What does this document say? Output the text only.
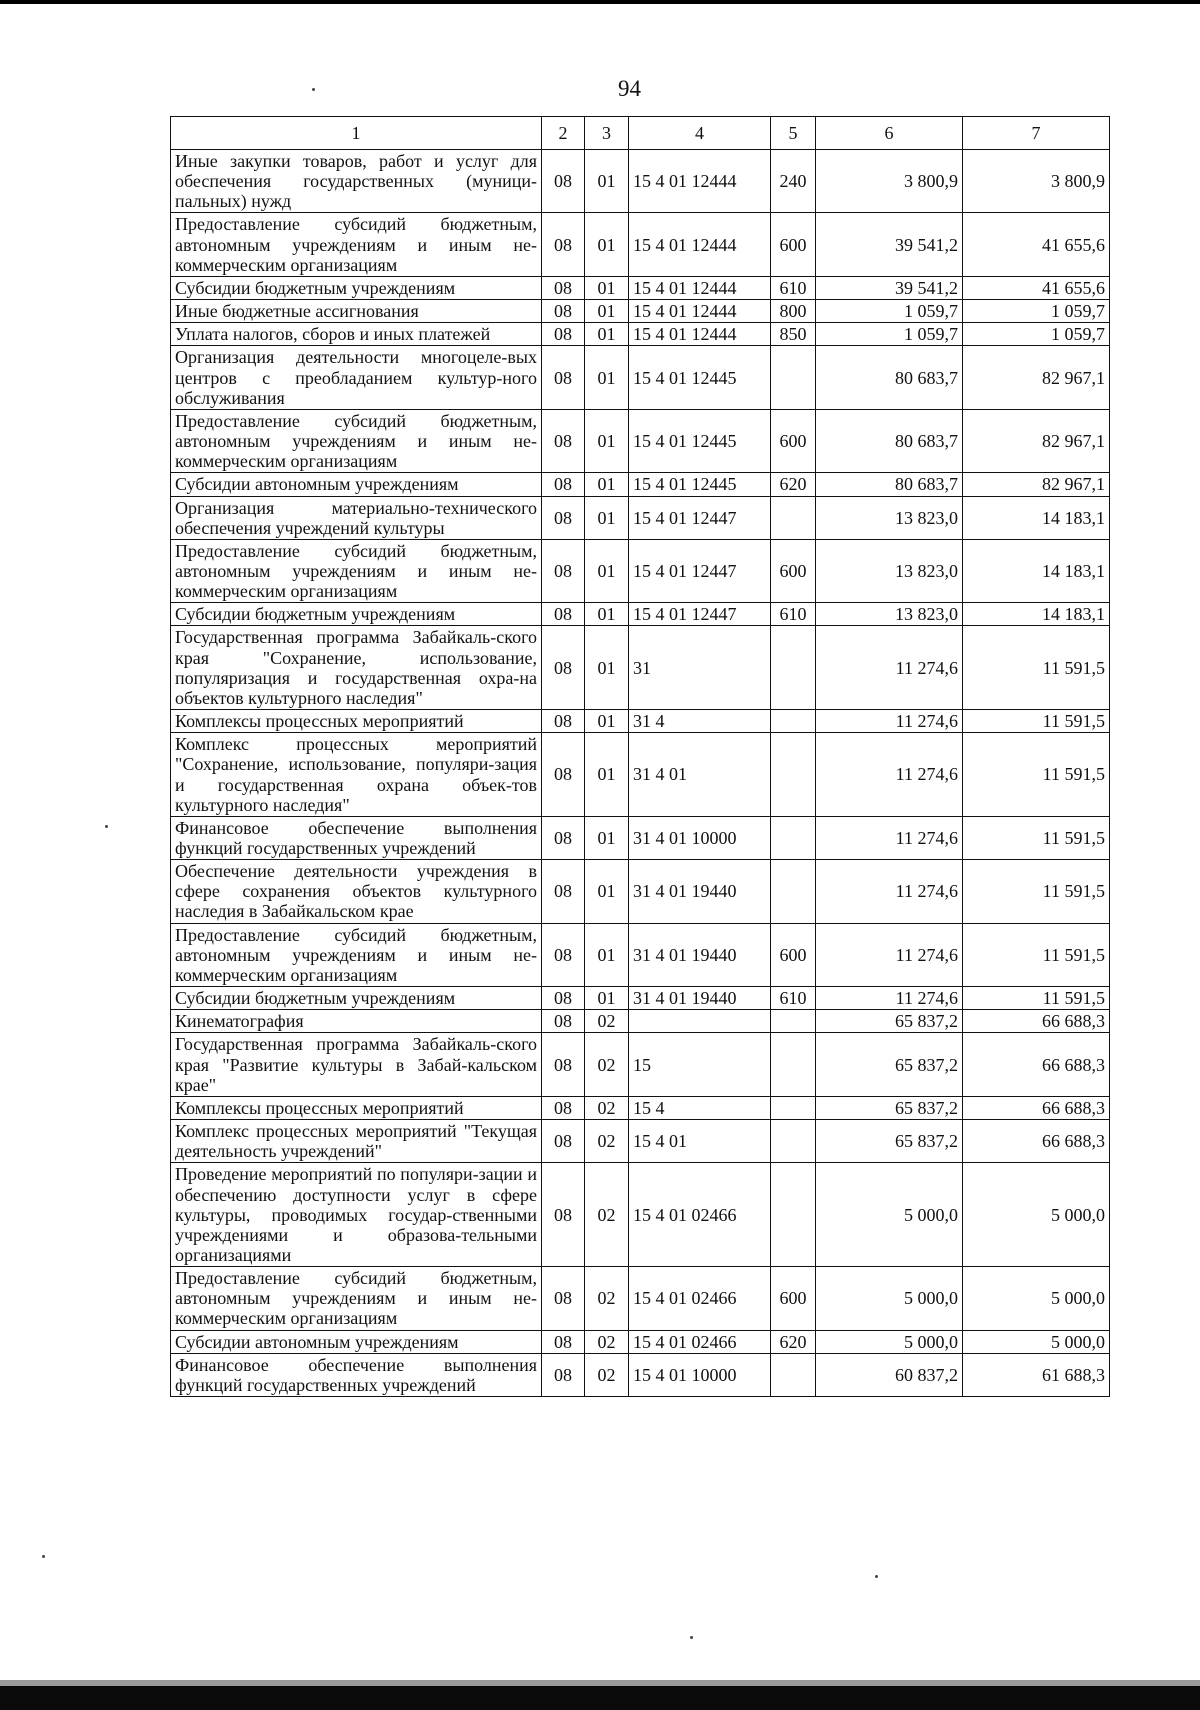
94
1	2	3	4	5	6	7
Иные закупки товаров, работ и услуг для обеспечения государственных (муници-пальных) нужд	08	01	15 4 01 12444	240	3 800,9	3 800,9
Предоставление субсидий бюджетным, автономным учреждениям и иным не-коммерческим организациям	08	01	15 4 01 12444	600	39 541,2	41 655,6
Субсидии бюджетным учреждениям	08	01	15 4 01 12444	610	39 541,2	41 655,6
Иные бюджетные ассигнования	08	01	15 4 01 12444	800	1 059,7	1 059,7
Уплата налогов, сборов и иных платежей	08	01	15 4 01 12444	850	1 059,7	1 059,7
Организация деятельности многоцеле-вых центров с преобладанием культур-ного обслуживания	08	01	15 4 01 12445		80 683,7	82 967,1
Предоставление субсидий бюджетным, автономным учреждениям и иным не-коммерческим организациям	08	01	15 4 01 12445	600	80 683,7	82 967,1
Субсидии автономным учреждениям	08	01	15 4 01 12445	620	80 683,7	82 967,1
Организация материально-технического обеспечения учреждений культуры	08	01	15 4 01 12447		13 823,0	14 183,1
Предоставление субсидий бюджетным, автономным учреждениям и иным не-коммерческим организациям	08	01	15 4 01 12447	600	13 823,0	14 183,1
Субсидии бюджетным учреждениям	08	01	15 4 01 12447	610	13 823,0	14 183,1
Государственная программа Забайкаль-ского края "Сохранение, использование, популяризация и государственная охра-на объектов культурного наследия"	08	01	31		11 274,6	11 591,5
Комплексы процессных мероприятий	08	01	31 4		11 274,6	11 591,5
Комплекс процессных мероприятий "Сохранение, использование, популяри-зация и государственная охрана объек-тов культурного наследия"	08	01	31 4 01		11 274,6	11 591,5
Финансовое обеспечение выполнения функций государственных учреждений	08	01	31 4 01 10000		11 274,6	11 591,5
Обеспечение деятельности учреждения в сфере сохранения объектов культурного наследия в Забайкальском крае	08	01	31 4 01 19440		11 274,6	11 591,5
Предоставление субсидий бюджетным, автономным учреждениям и иным не-коммерческим организациям	08	01	31 4 01 19440	600	11 274,6	11 591,5
Субсидии бюджетным учреждениям	08	01	31 4 01 19440	610	11 274,6	11 591,5
Кинематография	08	02			65 837,2	66 688,3
Государственная программа Забайкаль-ского края "Развитие культуры в Забай-кальском крае"	08	02	15		65 837,2	66 688,3
Комплексы процессных мероприятий	08	02	15 4		65 837,2	66 688,3
Комплекс процессных мероприятий "Текущая деятельность учреждений"	08	02	15 4 01		65 837,2	66 688,3
Проведение мероприятий по популяри-зации и обеспечению доступности услуг в сфере культуры, проводимых государ-ственными учреждениями и образова-тельными организациями	08	02	15 4 01 02466		5 000,0	5 000,0
Предоставление субсидий бюджетным, автономным учреждениям и иным не-коммерческим организациям	08	02	15 4 01 02466	600	5 000,0	5 000,0
Субсидии автономным учреждениям	08	02	15 4 01 02466	620	5 000,0	5 000,0
Финансовое обеспечение выполнения функций государственных учреждений	08	02	15 4 01 10000		60 837,2	61 688,3
